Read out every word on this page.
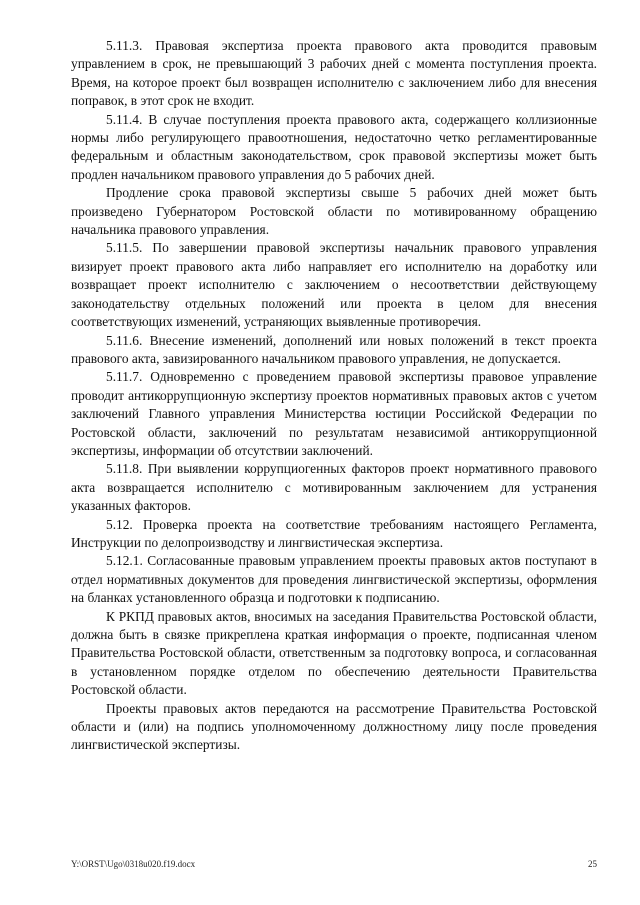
5.11.3. Правовая экспертиза проекта правового акта проводится правовым управлением в срок, не превышающий 3 рабочих дней с момента поступления проекта. Время, на которое проект был возвращен исполнителю с заключением либо для внесения поправок, в этот срок не входит.

5.11.4. В случае поступления проекта правового акта, содержащего коллизионные нормы либо регулирующего правоотношения, недостаточно четко регламентированные федеральным и областным законодательством, срок правовой экспертизы может быть продлен начальником правового управления до 5 рабочих дней.

Продление срока правовой экспертизы свыше 5 рабочих дней может быть произведено Губернатором Ростовской области по мотивированному обращению начальника правового управления.

5.11.5. По завершении правовой экспертизы начальник правового управления визирует проект правового акта либо направляет его исполнителю на доработку или возвращает проект исполнителю с заключением о несоответствии действующему законодательству отдельных положений или проекта в целом для внесения соответствующих изменений, устраняющих выявленные противоречия.

5.11.6. Внесение изменений, дополнений или новых положений в текст проекта правового акта, завизированного начальником правового управления, не допускается.

5.11.7. Одновременно с проведением правовой экспертизы правовое управление проводит антикоррупционную экспертизу проектов нормативных правовых актов с учетом заключений Главного управления Министерства юстиции Российской Федерации по Ростовской области, заключений по результатам независимой антикоррупционной экспертизы, информации об отсутствии заключений.

5.11.8. При выявлении коррупциогенных факторов проект нормативного правового акта возвращается исполнителю с мотивированным заключением для устранения указанных факторов.

5.12. Проверка проекта на соответствие требованиям настоящего Регламента, Инструкции по делопроизводству и лингвистическая экспертиза.

5.12.1. Согласованные правовым управлением проекты правовых актов поступают в отдел нормативных документов для проведения лингвистической экспертизы, оформления на бланках установленного образца и подготовки к подписанию.

К РКПД правовых актов, вносимых на заседания Правительства Ростовской области, должна быть в связке прикреплена краткая информация о проекте, подписанная членом Правительства Ростовской области, ответственным за подготовку вопроса, и согласованная в установленном порядке отделом по обеспечению деятельности Правительства Ростовской области.

Проекты правовых актов передаются на рассмотрение Правительства Ростовской области и (или) на подпись уполномоченному должностному лицу после проведения лингвистической экспертизы.

Y:\ORST\Ugo\0318u020.f19.docx	25
